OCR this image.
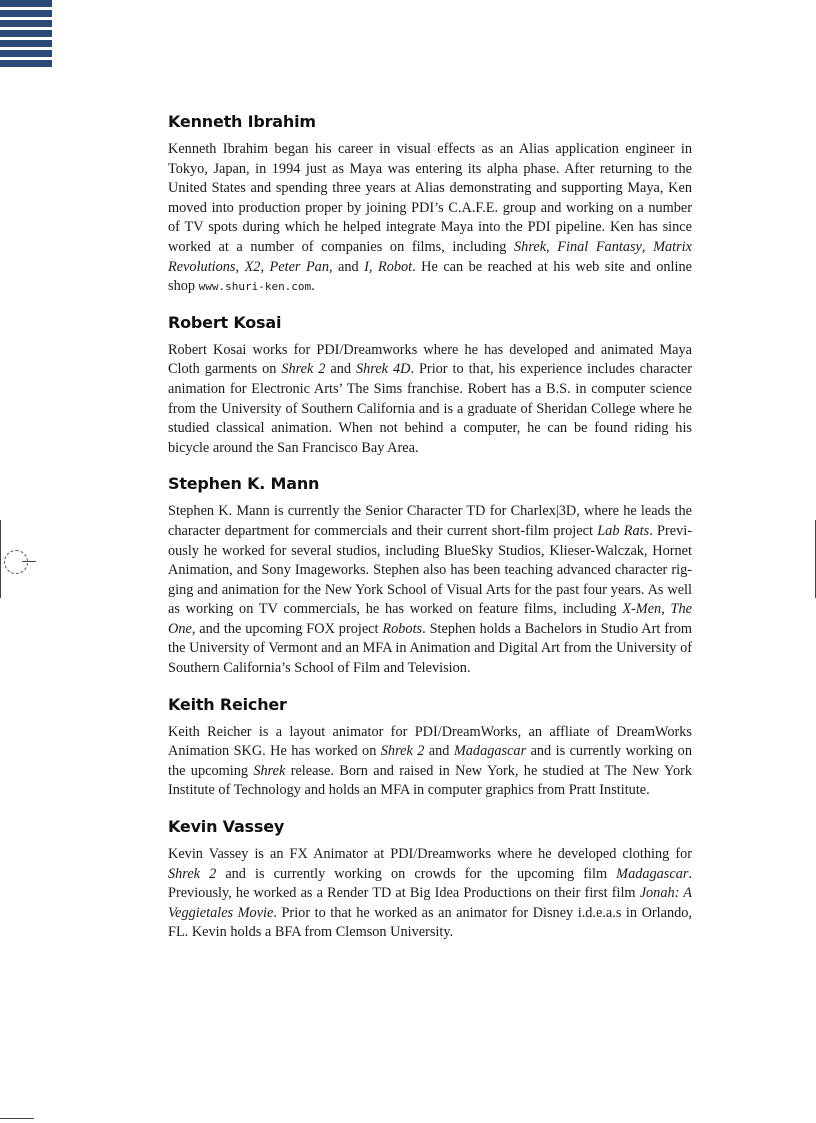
Kenneth Ibrahim

Kenneth Ibrahim began his career in visual effects as an Alias application engineer in Tokyo, Japan, in 1994 just as Maya was entering its alpha phase. After returning to the United States and spending three years at Alias demonstrating and supporting Maya, Ken moved into production proper by joining PDI’s C.A.F.E. group and working on a number of TV spots during which he helped integrate Maya into the PDI pipeline. Ken has since worked at a number of companies on films, including Shrek, Final Fantasy, Matrix Revolutions, X2, Peter Pan, and I, Robot. He can be reached at his web site and online shop www.shuri-ken.com.

Robert Kosai

Robert Kosai works for PDI/Dreamworks where he has developed and animated Maya Cloth garments on Shrek 2 and Shrek 4D. Prior to that, his experience includes character animation for Electronic Arts’ The Sims franchise. Robert has a B.S. in computer science from the University of Southern California and is a graduate of Sheridan College where he studied classical animation. When not behind a computer, he can be found riding his bicycle around the San Francisco Bay Area.

Stephen K. Mann

Stephen K. Mann is currently the Senior Character TD for Charlex|3D, where he leads the character department for commercials and their current short-film project Lab Rats. Previ-ously he worked for several studios, including BlueSky Studios, Klieser-Walczak, Hornet Animation, and Sony Imageworks. Stephen also has been teaching advanced character rig-ging and animation for the New York School of Visual Arts for the past four years. As well as working on TV commercials, he has worked on feature films, including X-Men, The One, and the upcoming FOX project Robots. Stephen holds a Bachelors in Studio Art from the University of Vermont and an MFA in Animation and Digital Art from the University of Southern California’s School of Film and Television.

Keith Reicher

Keith Reicher is a layout animator for PDI/DreamWorks, an affliate of DreamWorks Animation SKG. He has worked on Shrek 2 and Madagascar and is currently working on the upcoming Shrek release. Born and raised in New York, he studied at The New York Institute of Technology and holds an MFA in computer graphics from Pratt Institute.

Kevin Vassey

Kevin Vassey is an FX Animator at PDI/Dreamworks where he developed clothing for Shrek 2 and is currently working on crowds for the upcoming film Madagascar. Previously, he worked as a Render TD at Big Idea Productions on their first film Jonah: A Veggietales Movie. Prior to that he worked as an animator for Disney i.d.e.a.s in Orlando, FL. Kevin holds a BFA from Clemson University.
